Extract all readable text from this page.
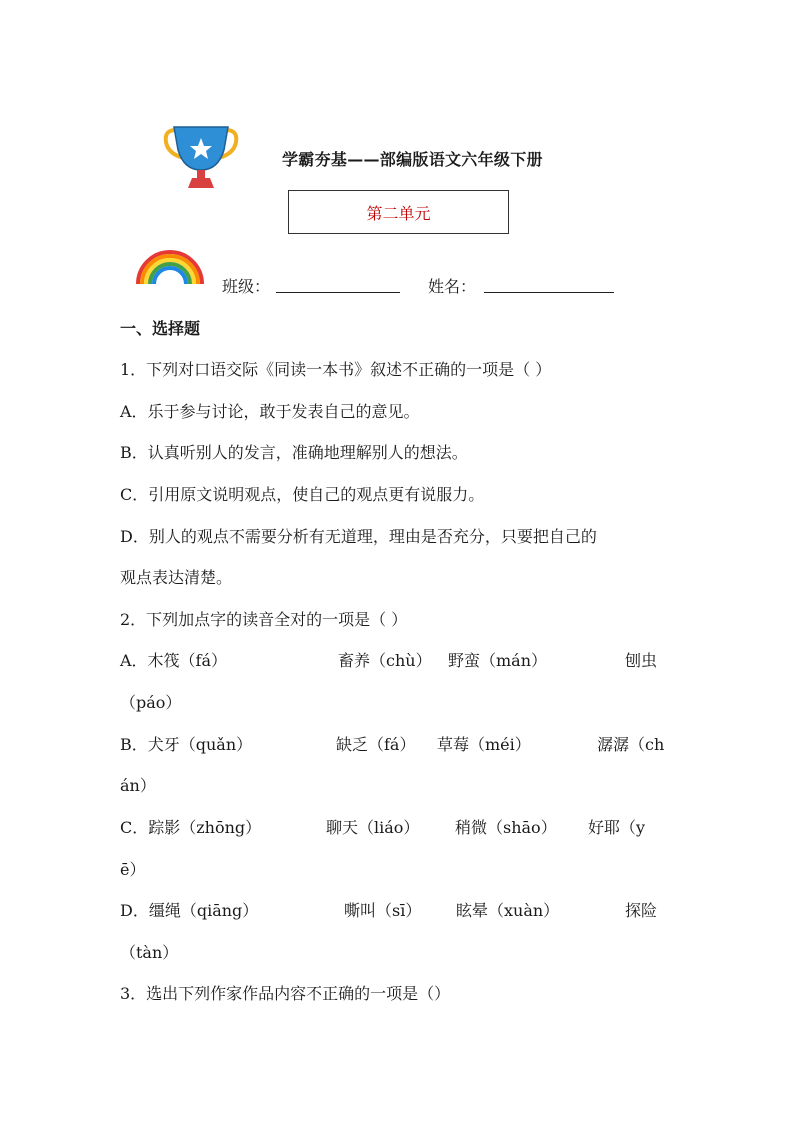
学霸夯基——部编版语文六年级下册
第二单元
班级：	姓名：
一、选择题
1．下列对口语交际《同读一本书》叙述不正确的一项是（ ）
A．乐于参与讨论，敢于发表自己的意见。
B．认真听别人的发言，准确地理解别人的想法。
C．引用原文说明观点，使自己的观点更有说服力。
D．别人的观点不需要分析有无道理，理由是否充分，只要把自己的
观点表达清楚。
2．下列加点字的读音全对的一项是（ ）
A．木筏（fá）	畜养（chù） 野蛮（mán）	刨虫
（páo）
B．犬牙（quǎn）	缺乏（fá） 草莓（méi）	潺潺（ch
án）
C．踪影（zhōng）	聊天（liáo） 稍微（shāo） 好耶（y
ē）
D．缰绳（qiāng）	嘶叫（sī） 眩晕（xuàn）	探险
（tàn）
3．选出下列作家作品内容不正确的一项是（）
